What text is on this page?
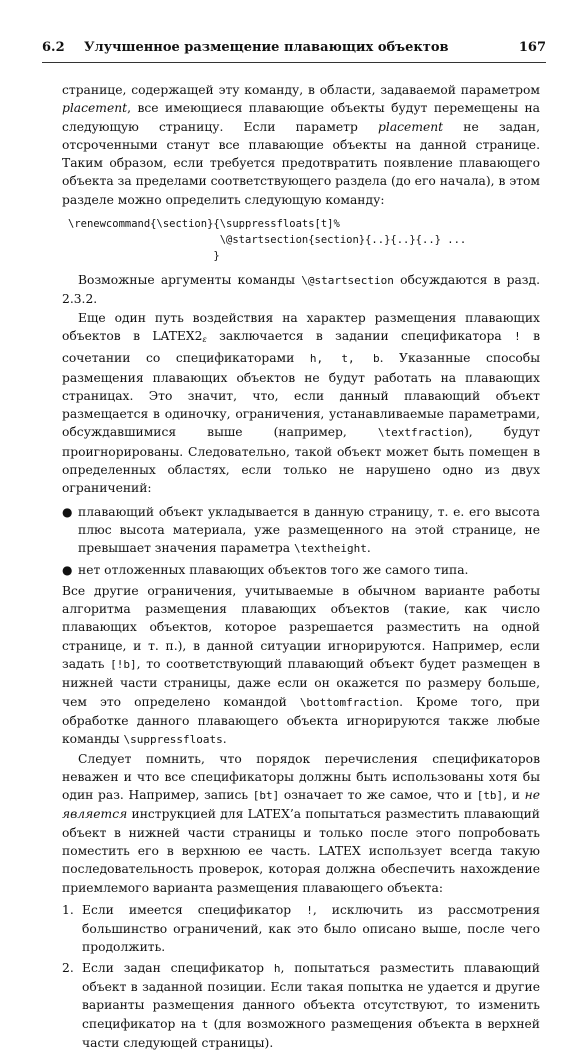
6.2 Улучшенное размещение плавающих объектов	167

странице, содержащей эту команду, в области, задаваемой параметром placement, все имеющиеся плавающие объекты будут перемещены на следующую страницу. Если параметр placement не задан, отсроченными станут все плавающие объекты на данной странице. Таким образом, если требуется предотвратить появление плавающего объекта за пределами соответствующего раздела (до его начала), в этом разделе можно определить следующую команду:

\renewcommand{\section}{\suppressfloats[t]%
\@startsection{section}{..}{..}{..} ...
}

Возможные аргументы команды \@startsection обсуждаются в разд. 2.3.2.

Еще один путь воздействия на характер размещения плавающих объектов в LATEX2ε заключается в задании спецификатора ! в сочетании со спецификаторами h, t, b. Указанные способы размещения плавающих объектов не будут работать на плавающих страницах. Это значит, что, если данный плавающий объект размещается в одиночку, ограничения, устанавливаемые параметрами, обсуждавшимися выше (например, \textfraction), будут проигнорированы. Следовательно, такой объект может быть помещен в определенных областях, если только не нарушено одно из двух ограничений:

● плавающий объект укладывается в данную страницу, т. е. его высота плюс высота материала, уже размещенного на этой странице, не превышает значения параметра \textheight.
● нет отложенных плавающих объектов того же самого типа.

Все другие ограничения, учитываемые в обычном варианте работы алгоритма размещения плавающих объектов (такие, как число плавающих объектов, которое разрешается разместить на одной странице, и т. п.), в данной ситуации игнорируются. Например, если задать [!b], то соответствующий плавающий объект будет размещен в нижней части страницы, даже если он окажется по размеру больше, чем это определено командой \bottomfraction. Кроме того, при обработке данного плавающего объекта игнорируются также любые команды \suppressfloats.

Следует помнить, что порядок перечисления спецификаторов неважен и что все спецификаторы должны быть использованы хотя бы один раз. Например, запись [bt] означает то же самое, что и [tb], и не является инструкцией для LATEX’а попытаться разместить плавающий объект в нижней части страницы и только после этого попробовать поместить его в верхнюю ее часть. LATEX использует всегда такую последовательность проверок, которая должна обеспечить нахождение приемлемого варианта размещения плавающего объекта:

1. Если имеется спецификатор !, исключить из рассмотрения большинство ограничений, как это было описано выше, после чего продолжить.
2. Если задан спецификатор h, попытаться разместить плавающий объект в заданной позиции. Если такая попытка не удается и другие варианты размещения данного объекта отсутствуют, то изменить спецификатор на t (для возможного размещения объекта в верхней части следующей страницы).
